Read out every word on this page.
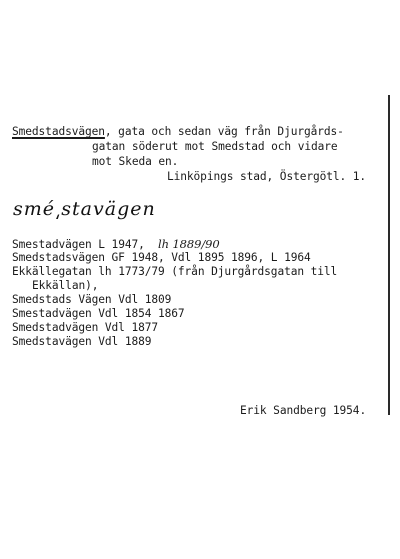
Smedstadsvägen, gata och sedan väg från Djurgårds-
gatan söderut mot Smedstad och vidare
mot Skeda en.
Linköpings stad, Östergötl. 1.
smé͵stavägen
Smestadvägen L 1947, lh 1889/90
Smedstadsvägen GF 1948, Vdl 1895 1896, L 1964
Ekkällegatan lh 1773/79 (från Djurgårdsgatan till
Ekkällan),
Smedstads Vägen Vdl 1809
Smestadvägen Vdl 1854 1867
Smedstadvägen Vdl 1877
Smedstavägen Vdl 1889
Erik Sandberg 1954.
